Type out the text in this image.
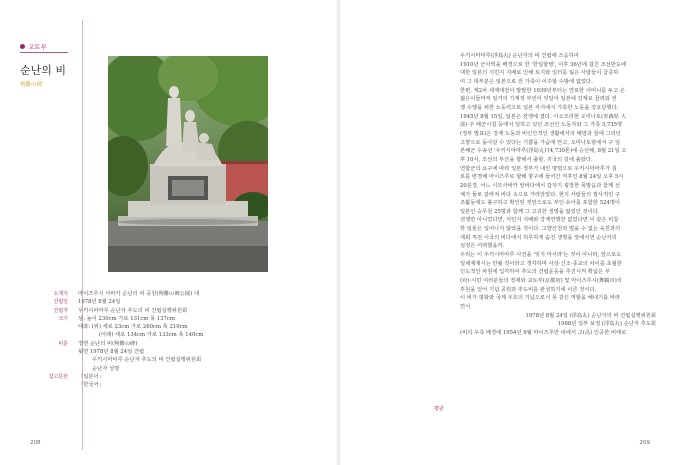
교토부
순난의 비
殉難の碑
소재지	마이즈루시 사바카 순난의 비 공원(殉難の碑公園) 내
건립일	1978년 8월 24일
건립자	우키시마마루 순난자 추도의 비 건립실행위원회
크기	상: 높이 230cm 가로 131cm 폭 137cm
대좌: (위) 세로 23cm 가로 260cm 폭 219cm
(아래) 세로 134cm 가로 133cm 폭 140cm
비문	정면 순난의 비(殉難の碑)
뒷면 1978년 8월 24일 건립
우키시마마루 순난자 추도의 비 건립실행위원회
순난자 성명
참고문헌	「일본어」
「한국어」
208
우키시마마루(浮島丸) 순난자의 비 건립에 즈음하여
1910년 군사력을 배경으로 한 '한일합병', 이후 36년에 걸친 조선반도에
대한 일본의 식민지 지배로 인해 토지와 일터를 잃은 사람들이 급증하
여 그 대부분은 일본으로 전 가족이 이주할 수밖에 없었다.
한편, 제2차 세계대전이 발발한 1939년부터는 연로한 어머니를 두고 온
젊은이들마저 일거의 기계적 부린이 잇달아 일본에 강제로 끌려와 전
쟁 수행을 위한 노동력으로 일본 각지에서 가혹한 노동을 강요당했다.
1945년 8월 15일, 일본은 전쟁에 졌다. 아오모리현 오미나토(青森県 大
湊) 주 해군시설 등에서 일하고 있던 조선인 노동자와 그 가족 3,735명
(정부 발표)은 강제 노동과 비인간적인 생활에서의 해방과 꿈에 그리던
고향으로 돌아갈 수 있다는 기쁨을 가슴에 안고, 오미나토항에서 구 일
본해군 수송선 '우키시마마루(浮島丸)'(4,730톤)에 승선해, 8월 21일 오
후 10시, 조선의 부산을 향해서 출항, 귀국의 길에 올랐다.
연합군의 요구에 따라 일본 정부가 내린 명령으로 우키시마마루가 침
로를 변경해 마이즈루로 향해 항구에 들어간 직후인 8월 24일 오후 5시
20분경, 어느 시모사바카 앞바다에서 갑자기 굉장한 폭발음과 함께 선
체가 둘로 갈라져 바다 속으로 가라앉았다. 현지 사람들의 필사적인 구
조활동에도 불구하고 확인된 것만으로도 부인·유아를 포함한 524명이
일본인 승무원 25명과 함께 그 고귀한 생명을 잃었던 것이다.
전쟁만 아니었다면, 식민지 지배와 강제연행만 없었다면 이 같은 비참
한 일들은 일어나지 않았을 것이다. 고향산천과 멀을 수 없는 육친과의
재회 직전 이국의 바다에서 허무하게 숨진 생명을 앞에서면 순난자의
심정은 어떠했을까.
우리는 이 우키시마마루 사건을 '잊지 마시라'는 것이 아니라, 앞으로도
일체제계시는 안될 것이라고 생각하며 사상·신조·종교의 차이를 초월한
인도적인 차원에 입각하여 추도의 건립운동을 추진시켜 획넓은 부
(府)·시민 여러분들의 정재와 교토부(京都府) 및 마이즈루시(舞鶴市)의
후원을 얻어 기념 공원과 추도비를 완성하기에 이른 것이다.
이 비가 평화와 국제 우호의 기념으로서 못 같은 역할을 해내기를 바라
면서
1978년 8월 24일 (浮島丸) 순난자의 비 건립실행위원회
1988년 일부 보정 (浮島丸) 순난자 추도회
(비의 우측 배경에 1954년 9월 마이즈루만 내에서 고(高) 인공한 비태로
평판
209
